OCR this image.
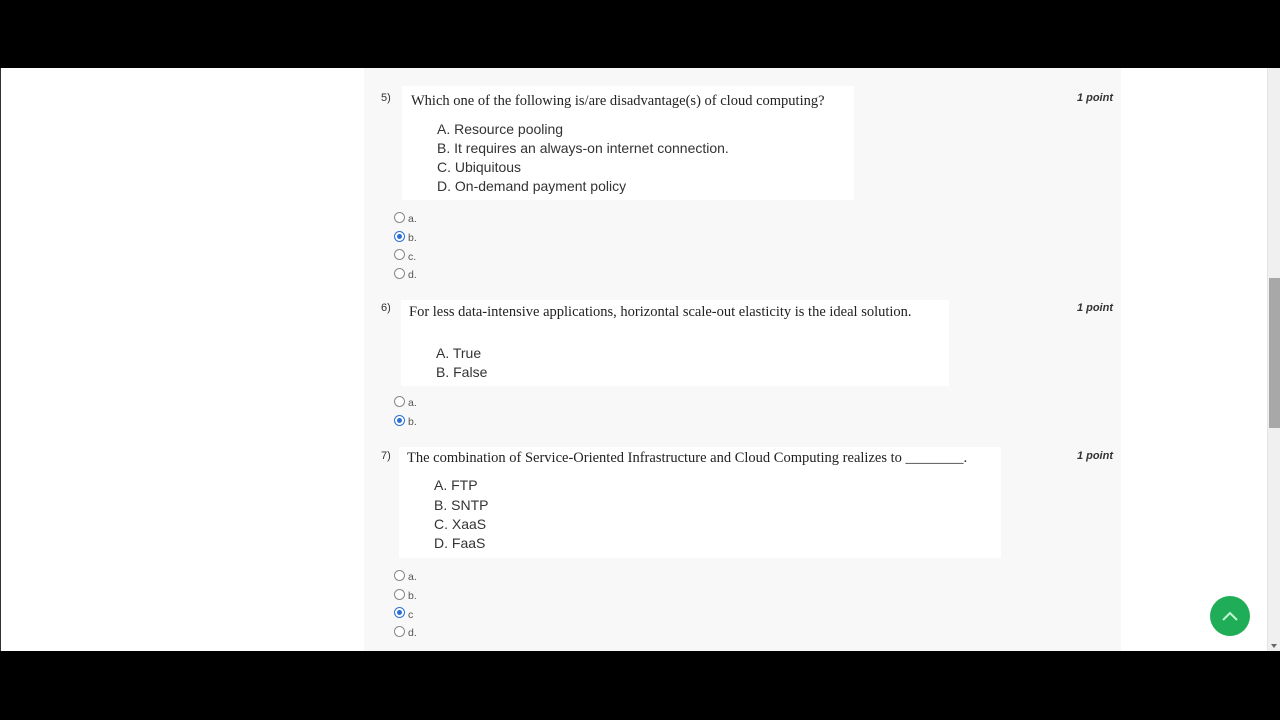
5)	1 point
Which one of the following is/are disadvantage(s) of cloud computing?
A. Resource pooling
B. It requires an always-on internet connection.
C. Ubiquitous
D. On-demand payment policy
a.
b.
c.
d.
6)	1 point
For less data-intensive applications, horizontal scale-out elasticity is the ideal solution.
A. True
B. False
a.
b.
7)	1 point
The combination of Service-Oriented Infrastructure and Cloud Computing realizes to ________.
A. FTP
B. SNTP
C. XaaS
D. FaaS
a.
b.
c
d.
